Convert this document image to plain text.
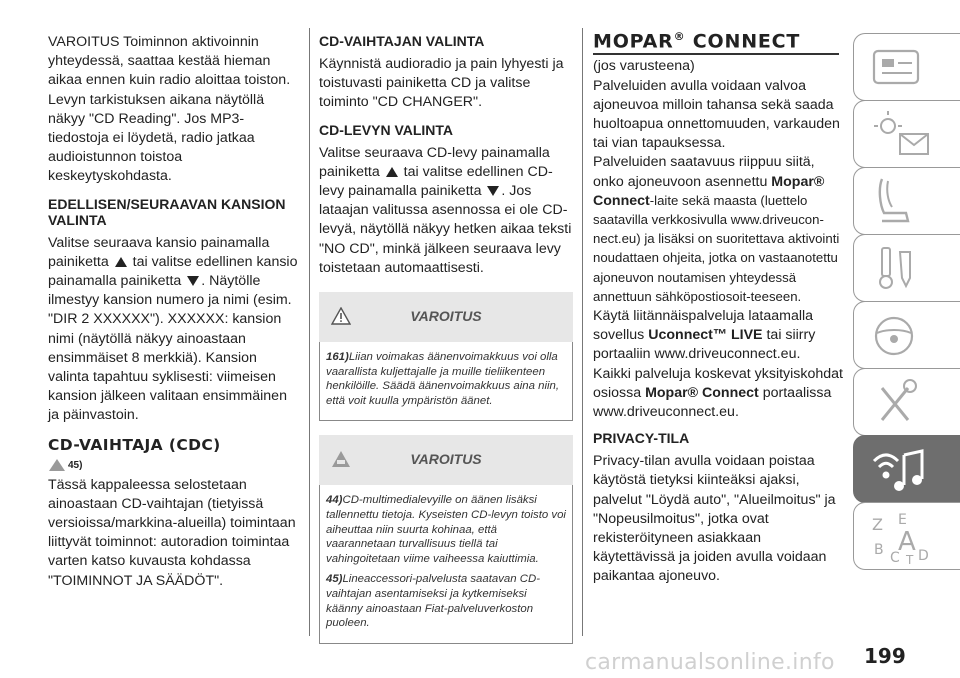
VAROITUS Toiminnon aktivoinnin yhteydessä, saattaa kestää hieman aikaa ennen kuin radio aloittaa toiston. Levyn tarkistuksen aikana näytöllä näkyy "CD Reading". Jos MP3-tiedostoja ei löydetä, radio jatkaa audioistunnon toistoa keskeytyskohdasta.

EDELLISEN/SEURAAVAN KANSION VALINTA

Valitse seuraava kansio painamalla painiketta tai valitse edellinen kansio painamalla painiketta . Näytölle ilmestyy kansion numero ja nimi (esim. "DIR 2 XXXXXX"). XXXXXX: kansion nimi (näytöllä näkyy ainoastaan ensimmäiset 8 merkkiä). Kansion valinta tapahtuu syklisesti: viimeisen kansion jälkeen valitaan ensimmäinen ja päinvastoin.

CD-VAIHTAJA (CDC)
45)

Tässä kappaleessa selostetaan ainoastaan CD-vaihtajan (tietyissä versioissa/markkina-alueilla) toimintaan liittyvät toiminnot: autoradion toimintaa varten katso kuvausta kohdassa "TOIMINNOT JA SÄÄDÖT".

CD-VAIHTAJAN VALINTA

Käynnistä audioradio ja pain lyhyesti ja toistuvasti painiketta CD ja valitse toiminto "CD CHANGER".

CD-LEVYN VALINTA

Valitse seuraava CD-levy painamalla painiketta tai valitse edellinen CD-levy painamalla painiketta . Jos lataajan valitussa asennossa ei ole CD-levyä, näytöllä näkyy hetken aikaa teksti "NO CD", minkä jälkeen seuraava levy toistetaan automaattisesti.

VAROITUS

161)Liian voimakas äänenvoimakkuus voi olla vaarallista kuljettajalle ja muille tieliikenteen henkilöille. Säädä äänenvoimakkuus aina niin, että voit kuulla ympäristön äänet.

VAROITUS

44)CD-multimedialevyille on äänen lisäksi tallennettu tietoja. Kyseisten CD-levyn toisto voi aiheuttaa niin suurta kohinaa, että vaarannetaan turvallisuus tiellä tai vahingoitetaan viime vaiheessa kaiuttimia.

45)Lineaccessori-palvelusta saatavan CD-vaihtajan asentamiseksi ja kytkemiseksi käänny ainoastaan Fiat-palveluverkoston puoleen.

MOPAR® CONNECT

(jos varusteena)

Palveluiden avulla voidaan valvoa ajoneuvoa milloin tahansa sekä saada huoltoapua onnettomuuden, varkauden tai vian tapauksessa.

Palveluiden saatavuus riippuu siitä, onko ajoneuvoon asennettu Mopar® Connect-laite sekä maasta (luettelo saatavilla verkkosivulla www.driveucon-nect.eu) ja lisäksi on suoritettava aktivointi noudattaen ohjeita, jotka on vastaanotettu ajoneuvon noutamisen yhteydessä annettuun sähköpostiosoit-teeseen.

Käytä liitännäispalveluja lataamalla sovellus Uconnect™ LIVE tai siirry portaaliin www.driveuconnect.eu.

Kaikki palveluja koskevat yksityiskohdat osiossa Mopar® Connect portaalissa www.driveuconnect.eu.

PRIVACY-TILA

Privacy-tilan avulla voidaan poistaa käytöstä tietyksi kiinteäksi ajaksi, palvelut "Löydä auto", "Alueilmoitus" ja "Nopeusilmoitus", jotka ovat rekisteröityneen asiakkaan käytettävissä ja joiden avulla voidaan paikantaa ajoneuvo.

Z E
B C
A D
T
199
carmanualsonline.info
